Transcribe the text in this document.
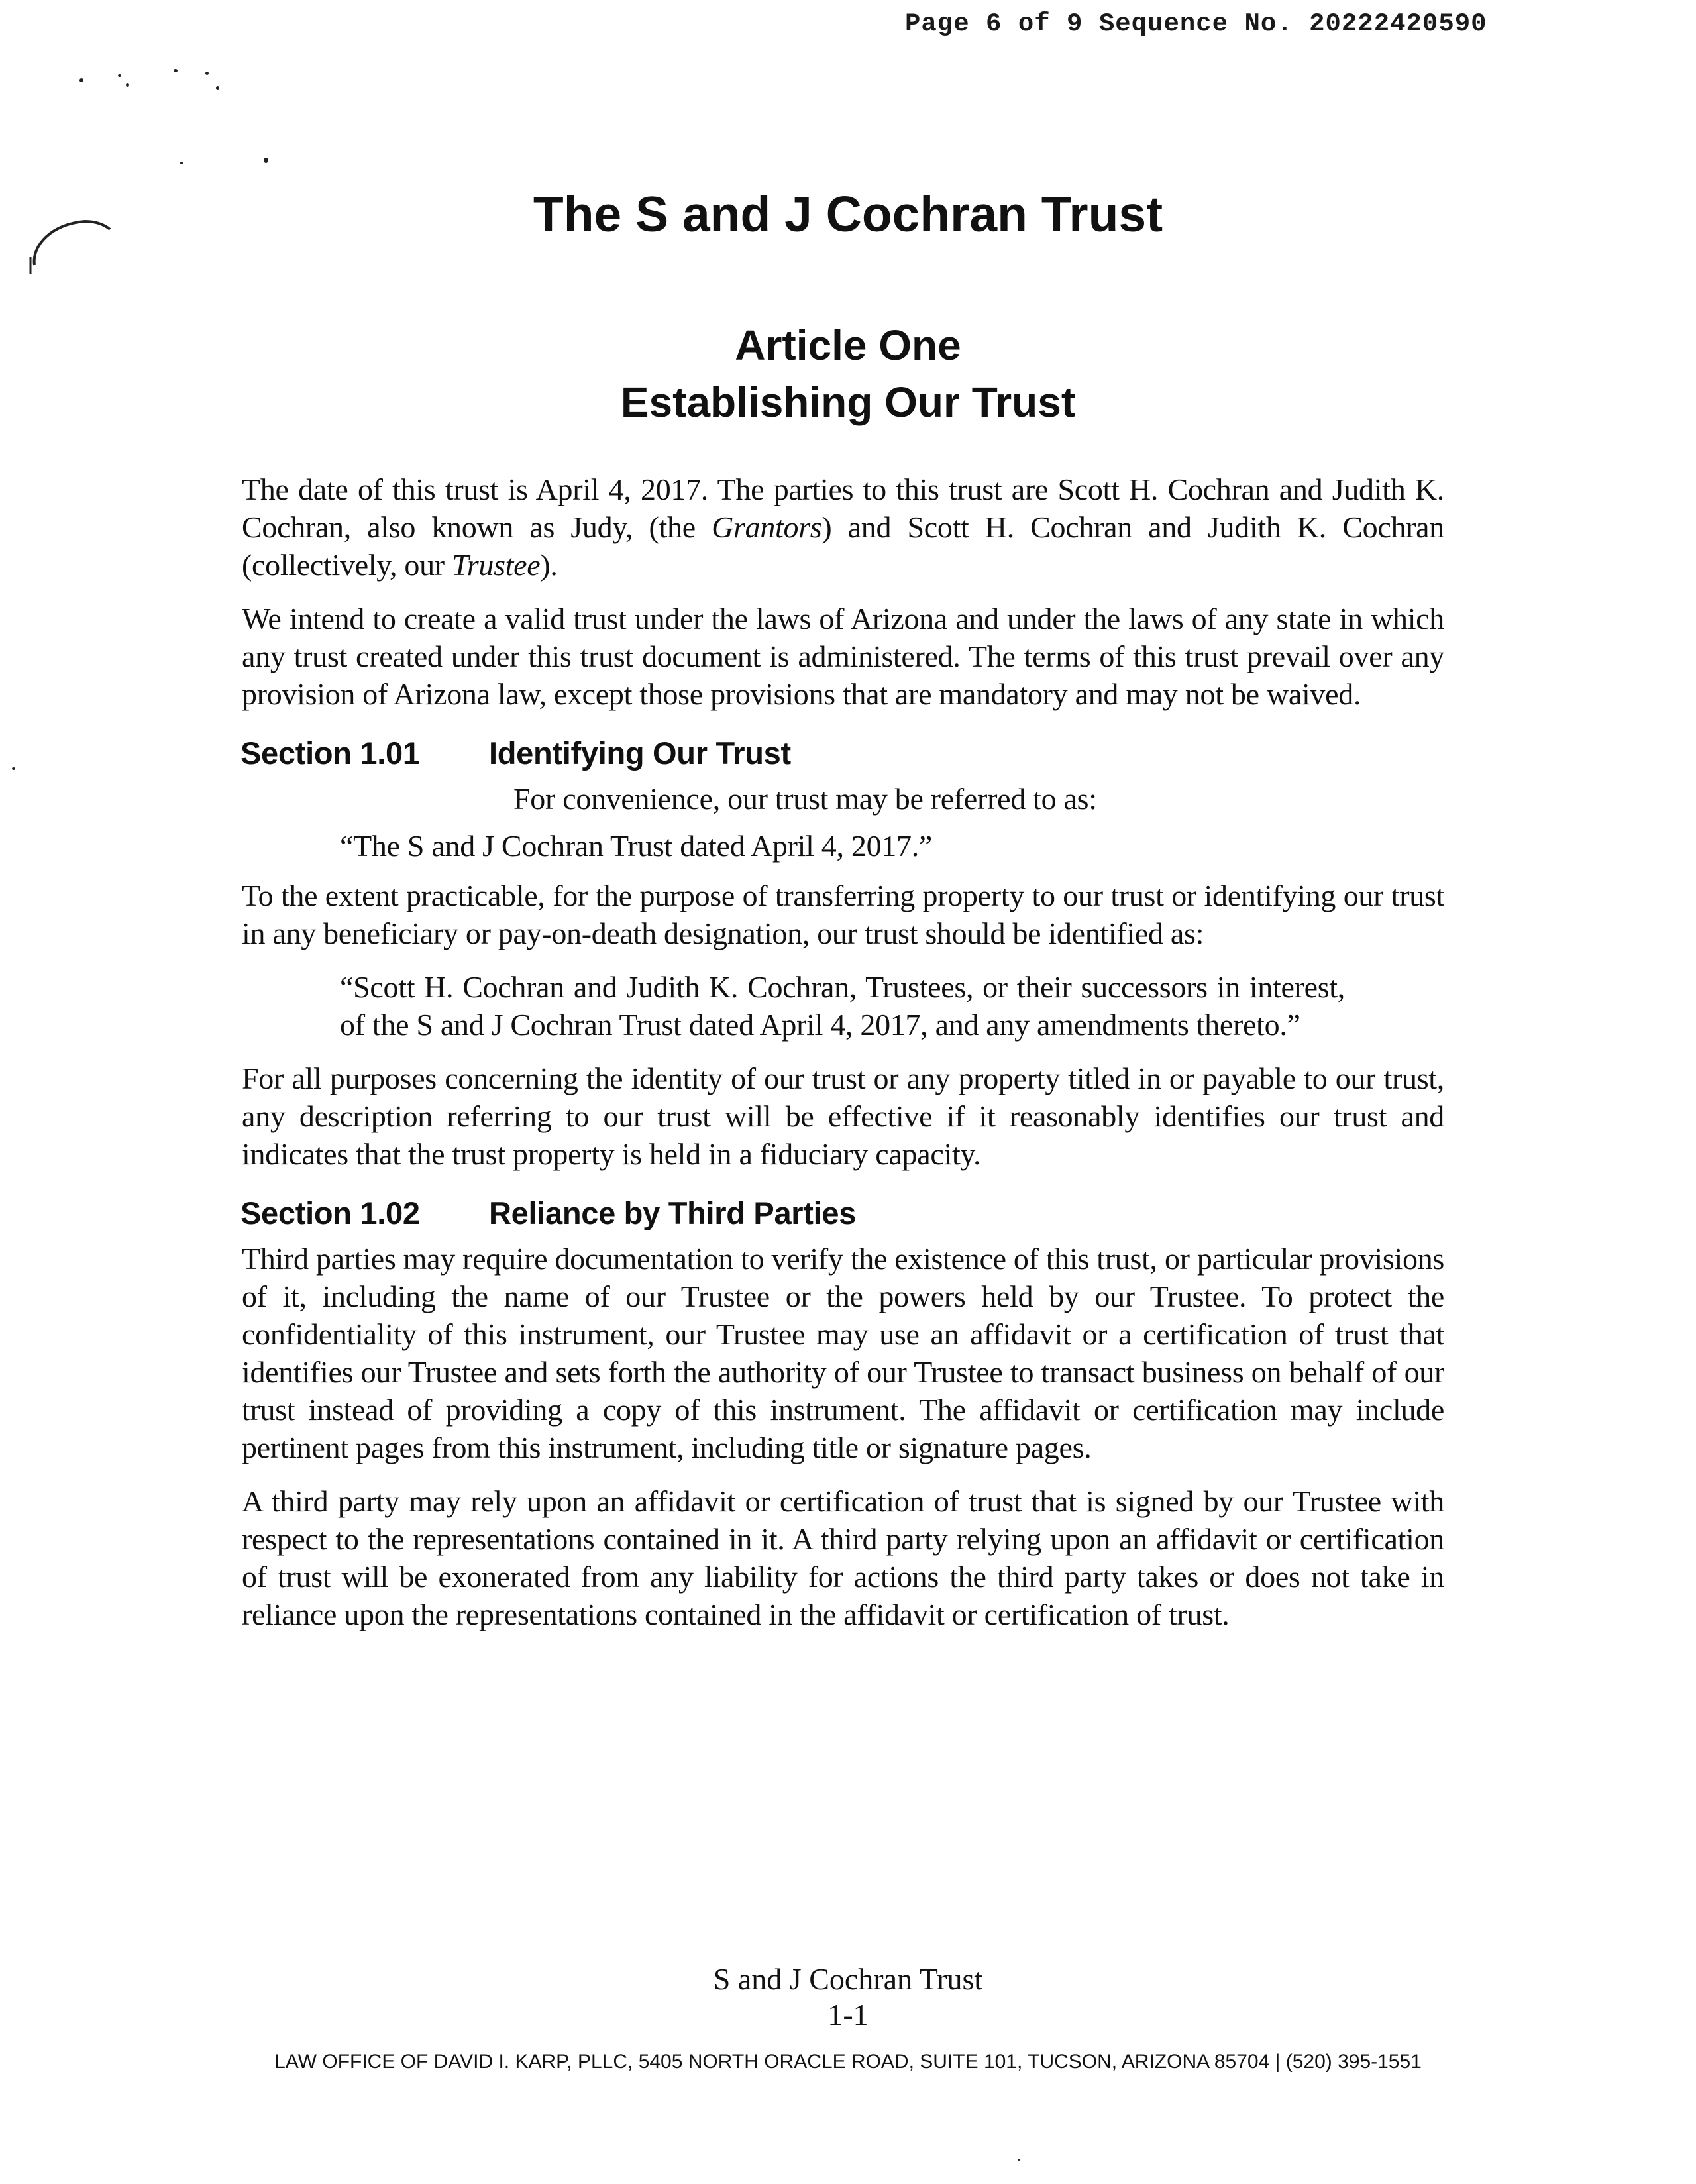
Page 6 of 9 Sequence No. 20222420590
The S and J Cochran Trust
Article One
Establishing Our Trust

The date of this trust is April 4, 2017. The parties to this trust are Scott H. Cochran and Judith K. Cochran, also known as Judy, (the Grantors) and Scott H. Cochran and Judith K. Cochran (collectively, our Trustee).

We intend to create a valid trust under the laws of Arizona and under the laws of any state in which any trust created under this trust document is administered. The terms of this trust prevail over any provision of Arizona law, except those provisions that are mandatory and may not be waived.

Section 1.01 Identifying Our Trust

For convenience, our trust may be referred to as:

“The S and J Cochran Trust dated April 4, 2017.”

To the extent practicable, for the purpose of transferring property to our trust or identifying our trust in any beneficiary or pay-on-death designation, our trust should be identified as:

“Scott H. Cochran and Judith K. Cochran, Trustees, or their successors in interest, of the S and J Cochran Trust dated April 4, 2017, and any amendments thereto.”

For all purposes concerning the identity of our trust or any property titled in or payable to our trust, any description referring to our trust will be effective if it reasonably identifies our trust and indicates that the trust property is held in a fiduciary capacity.

Section 1.02 Reliance by Third Parties

Third parties may require documentation to verify the existence of this trust, or particular provisions of it, including the name of our Trustee or the powers held by our Trustee. To protect the confidentiality of this instrument, our Trustee may use an affidavit or a certification of trust that identifies our Trustee and sets forth the authority of our Trustee to transact business on behalf of our trust instead of providing a copy of this instrument. The affidavit or certification may include pertinent pages from this instrument, including title or signature pages.

A third party may rely upon an affidavit or certification of trust that is signed by our Trustee with respect to the representations contained in it. A third party relying upon an affidavit or certification of trust will be exonerated from any liability for actions the third party takes or does not take in reliance upon the representations contained in the affidavit or certification of trust.

S and J Cochran Trust

1-1

LAW OFFICE OF DAVID I. KARP, PLLC, 5405 NORTH ORACLE ROAD, SUITE 101, TUCSON, ARIZONA 85704 | (520) 395-1551
